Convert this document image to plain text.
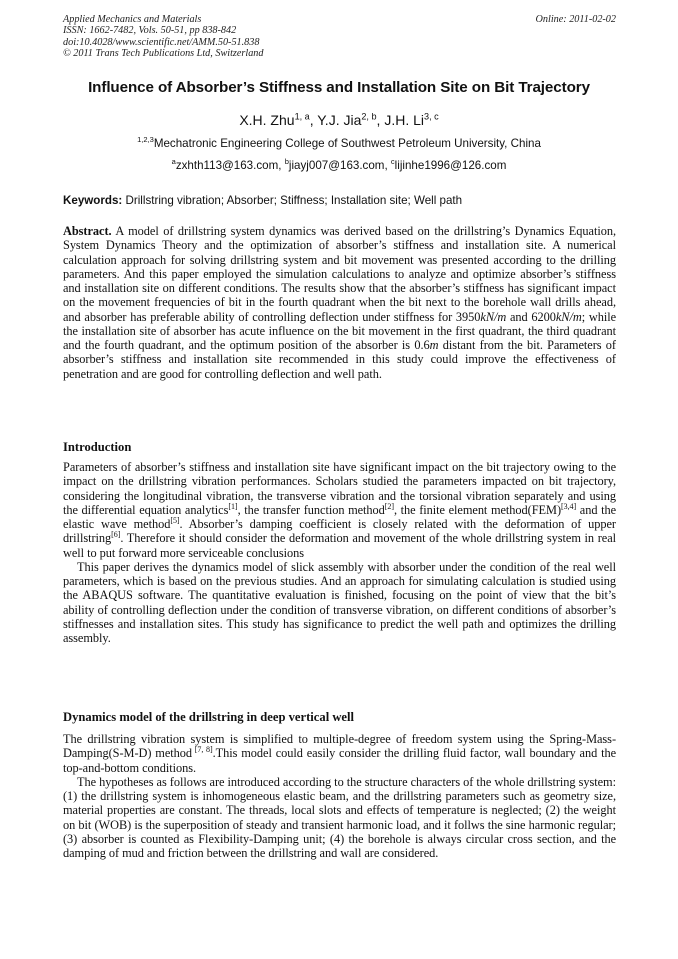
Applied Mechanics and Materials
ISSN: 1662-7482, Vols. 50-51, pp 838-842
doi:10.4028/www.scientific.net/AMM.50-51.838
© 2011 Trans Tech Publications Ltd, Switzerland
Online: 2011-02-02
Influence of Absorber’s Stiffness and Installation Site on Bit Trajectory
X.H. Zhu$^{1, a}$, Y.J. Jia$^{2, b}$, J.H. Li$^{3, c}$
$^{1,2,3}$Mechatronic Engineering College of Southwest Petroleum University, China
$^a$zxhth113@163.com, $^b$jiayj007@163.com, $^c$lijinhe1996@126.com
Keywords: Drillstring vibration; Absorber; Stiffness; Installation site; Well path

Abstract. A model of drillstring system dynamics was derived based on the drillstring’s Dynamics Equation, System Dynamics Theory and the optimization of absorber’s stiffness and installation site. A numerical calculation approach for solving drillstring system and bit movement was presented according to the drilling parameters. And this paper employed the simulation calculations to analyze and optimize absorber’s stiffness and installation site on different conditions. The results show that the absorber’s stiffness has significant impact on the movement frequencies of bit in the fourth quadrant when the bit next to the borehole wall drills ahead, and absorber has preferable ability of controlling deflection under stiffness for 3950kN/m and 6200kN/m; while the installation site of absorber has acute influence on the bit movement in the first quadrant, the third quadrant and the fourth quadrant, and the optimum position of the absorber is 0.6m distant from the bit. Parameters of absorber’s stiffness and installation site recommended in this study could improve the effectiveness of penetration and are good for controlling deflection and well path.

Introduction

Parameters of absorber’s stiffness and installation site have significant impact on the bit trajectory owing to the impact on the drillstring vibration performances. Scholars studied the parameters impacted on bit trajectory, considering the longitudinal vibration, the transverse vibration and the torsional vibration separately and using the differential equation analytics[1], the transfer function method[2], the finite element method(FEM)[3,4] and the elastic wave method[5]. Absorber’s damping coefficient is closely related with the deformation of upper drillstring[6]. Therefore it should consider the deformation and movement of the whole drillstring system in real well to put forward more serviceable conclusions

This paper derives the dynamics model of slick assembly with absorber under the condition of the real well parameters, which is based on the previous studies. And an approach for simulating calculation is studied using the ABAQUS software. The quantitative evaluation is finished, focusing on the point of view that the bit’s ability of controlling deflection under the condition of transverse vibration, on different conditions of absorber’s stiffnesses and installation sites. This study has significance to predict the well path and optimizes the drilling assembly.

Dynamics model of the drillstring in deep vertical well

The drillstring vibration system is simplified to multiple-degree of freedom system using the Spring-Mass-Damping(S-M-D) method [7, 8].This model could easily consider the drilling fluid factor, wall boundary and the top-and-bottom conditions.

The hypotheses as follows are introduced according to the structure characters of the whole drillstring system: (1) the drillstring system is inhomogeneous elastic beam, and the drillstring parameters such as geometry size, material properties are constant. The threads, local slots and effects of temperature is neglected; (2) the weight on bit (WOB) is the superposition of steady and transient harmonic load, and it follws the sine harmonic regular; (3) absorber is counted as Flexibility-Damping unit; (4) the borehole is always circular cross section, and the damping of mud and friction between the drillstring and wall are considered.
